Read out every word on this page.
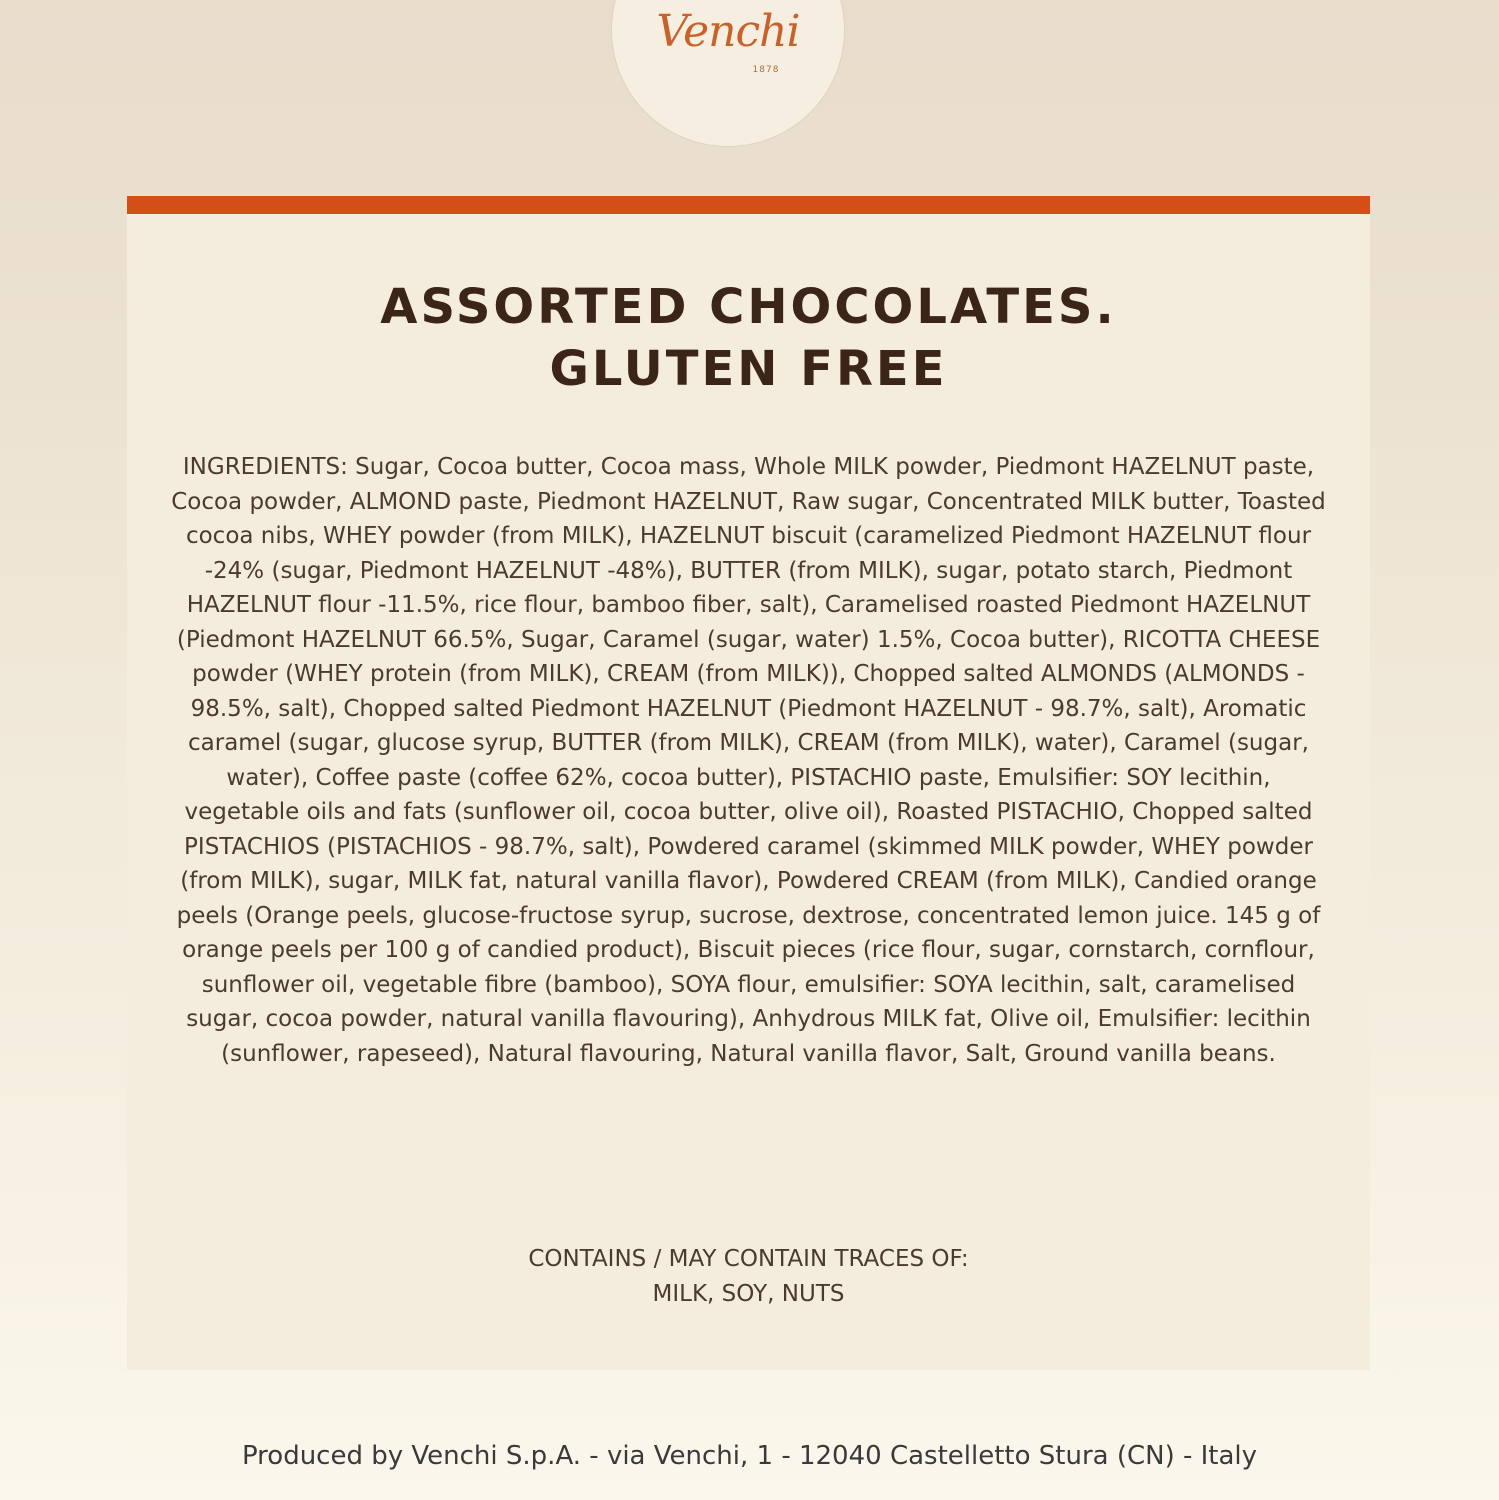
Venchi
1878
ASSORTED CHOCOLATES.
GLUTEN FREE

INGREDIENTS: Sugar, Cocoa butter, Cocoa mass, Whole MILK powder, Piedmont HAZELNUT paste, Cocoa powder, ALMOND paste, Piedmont HAZELNUT, Raw sugar, Concentrated MILK butter, Toasted cocoa nibs, WHEY powder (from MILK), HAZELNUT biscuit (caramelized Piedmont HAZELNUT flour -24% (sugar, Piedmont HAZELNUT -48%), BUTTER (from MILK), sugar, potato starch, Piedmont HAZELNUT flour -11.5%, rice flour, bamboo fiber, salt), Caramelised roasted Piedmont HAZELNUT (Piedmont HAZELNUT 66.5%, Sugar, Caramel (sugar, water) 1.5%, Cocoa butter), RICOTTA CHEESE powder (WHEY protein (from MILK), CREAM (from MILK)), Chopped salted ALMONDS (ALMONDS - 98.5%, salt), Chopped salted Piedmont HAZELNUT (Piedmont HAZELNUT - 98.7%, salt), Aromatic caramel (sugar, glucose syrup, BUTTER (from MILK), CREAM (from MILK), water), Caramel (sugar, water), Coffee paste (coffee 62%, cocoa butter), PISTACHIO paste, Emulsifier: SOY lecithin, vegetable oils and fats (sunflower oil, cocoa butter, olive oil), Roasted PISTACHIO, Chopped salted PISTACHIOS (PISTACHIOS - 98.7%, salt), Powdered caramel (skimmed MILK powder, WHEY powder (from MILK), sugar, MILK fat, natural vanilla flavor), Powdered CREAM (from MILK), Candied orange peels (Orange peels, glucose-fructose syrup, sucrose, dextrose, concentrated lemon juice. 145 g of orange peels per 100 g of candied product), Biscuit pieces (rice flour, sugar, cornstarch, cornflour, sunflower oil, vegetable fibre (bamboo), SOYA flour, emulsifier: SOYA lecithin, salt, caramelised sugar, cocoa powder, natural vanilla flavouring), Anhydrous MILK fat, Olive oil, Emulsifier: lecithin (sunflower, rapeseed), Natural flavouring, Natural vanilla flavor, Salt, Ground vanilla beans.

CONTAINS / MAY CONTAIN TRACES OF:
MILK, SOY, NUTS
Produced by Venchi S.p.A. - via Venchi, 1 - 12040 Castelletto Stura (CN) - Italy
